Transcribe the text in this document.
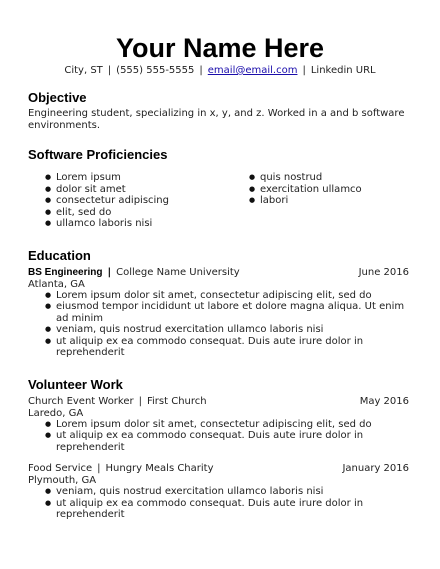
Your Name Here
City, ST | (555) 555-5555 | email@email.com | Linkedin URL
Objective

Engineering student, specializing in x, y, and z. Worked in a and b software environments.

Software Proficiencies
● Lorem ipsum
● dolor sit amet
● consectetur adipiscing
● elit, sed do
● ullamco laboris nisi
● quis nostrud
● exercitation ullamco
● labori
Education
BS Engineering | College Name University	June 2016
Atlanta, GA
● Lorem ipsum dolor sit amet, consectetur adipiscing elit, sed do
● eiusmod tempor incididunt ut labore et dolore magna aliqua. Ut enim ad minim
● veniam, quis nostrud exercitation ullamco laboris nisi
● ut aliquip ex ea commodo consequat. Duis aute irure dolor in reprehenderit
Volunteer Work
Church Event Worker | First Church	May 2016
Laredo, GA
● Lorem ipsum dolor sit amet, consectetur adipiscing elit, sed do
● ut aliquip ex ea commodo consequat. Duis aute irure dolor in reprehenderit
Food Service | Hungry Meals Charity	January 2016
Plymouth, GA
● veniam, quis nostrud exercitation ullamco laboris nisi
● ut aliquip ex ea commodo consequat. Duis aute irure dolor in reprehenderit
